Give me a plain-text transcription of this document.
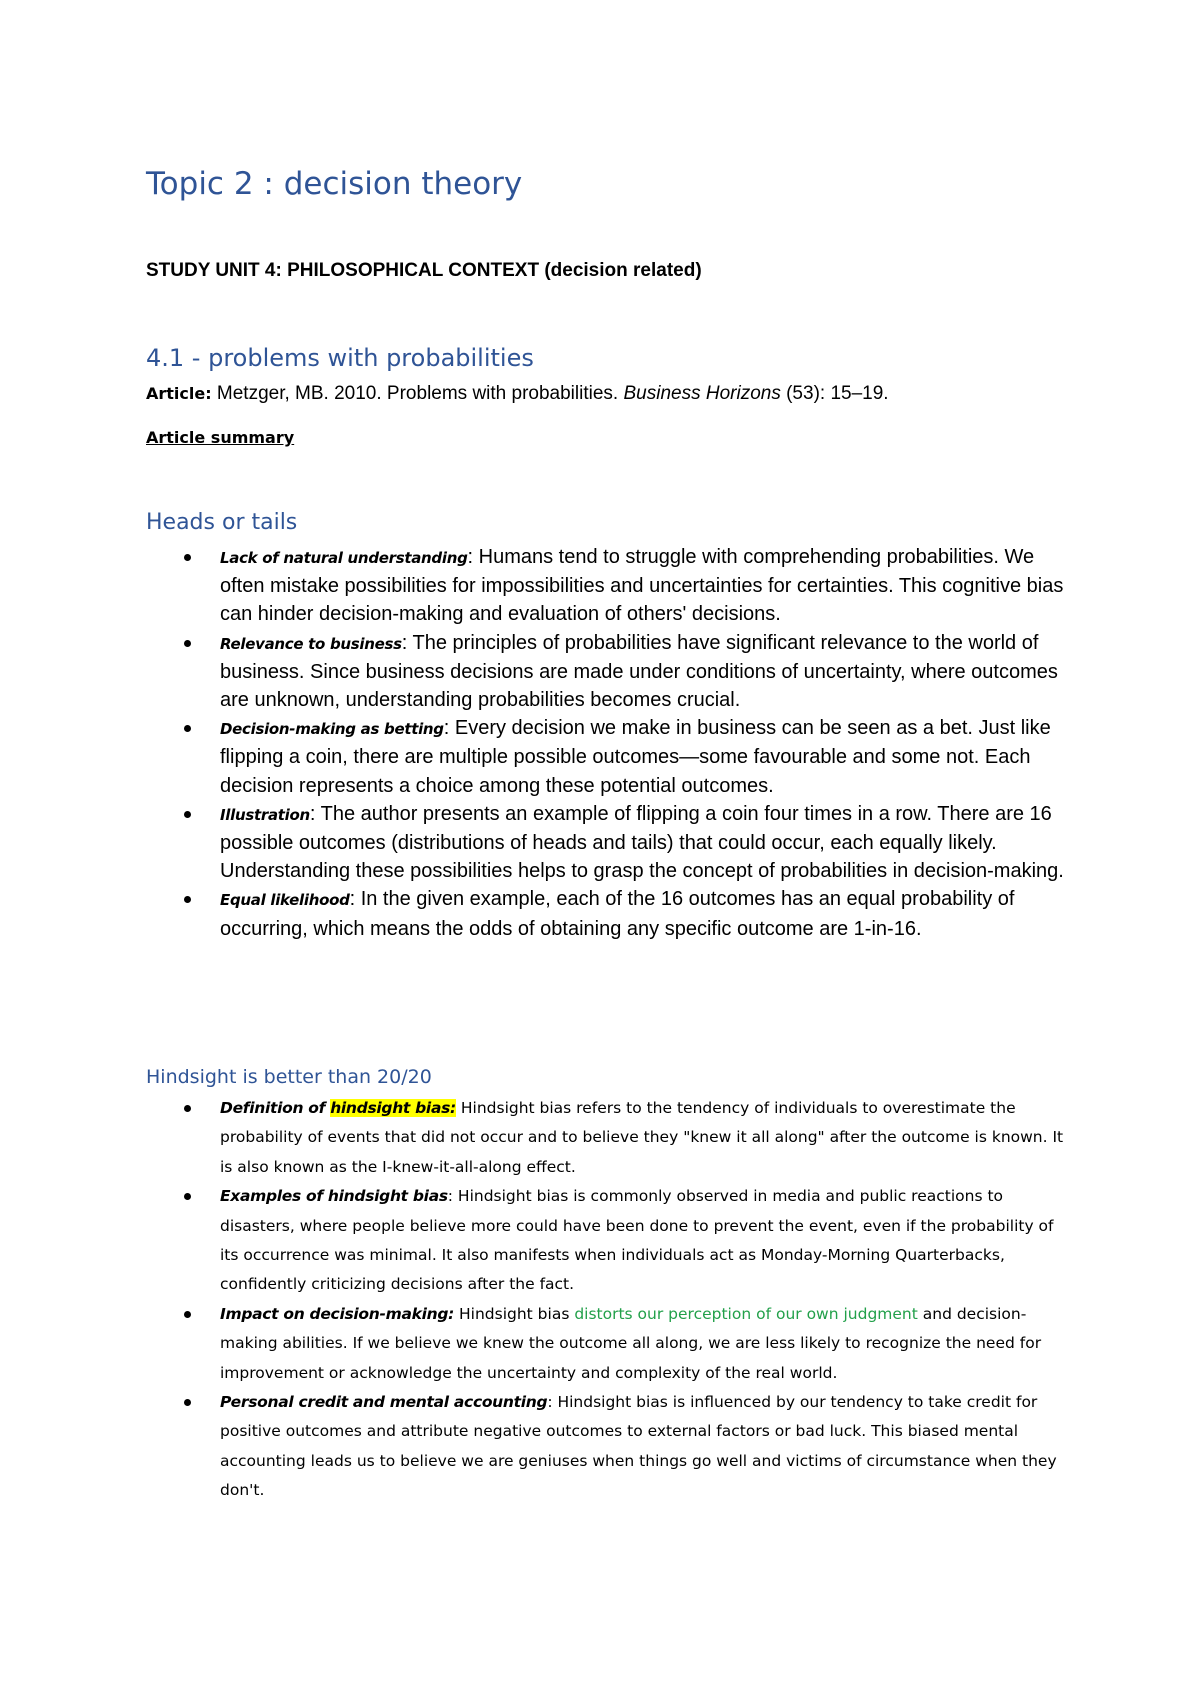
Topic 2 : decision theory
STUDY UNIT 4: PHILOSOPHICAL CONTEXT (decision related)
4.1 - problems with probabilities
Article: Metzger, MB. 2010. Problems with probabilities. Business Horizons (53): 15–19.
Article summary
Heads or tails
Lack of natural understanding: Humans tend to struggle with comprehending probabilities. We often mistake possibilities for impossibilities and uncertainties for certainties. This cognitive bias can hinder decision-making and evaluation of others' decisions.
Relevance to business: The principles of probabilities have significant relevance to the world of business. Since business decisions are made under conditions of uncertainty, where outcomes are unknown, understanding probabilities becomes crucial.
Decision-making as betting: Every decision we make in business can be seen as a bet. Just like flipping a coin, there are multiple possible outcomes—some favourable and some not. Each decision represents a choice among these potential outcomes.
Illustration: The author presents an example of flipping a coin four times in a row. There are 16 possible outcomes (distributions of heads and tails) that could occur, each equally likely. Understanding these possibilities helps to grasp the concept of probabilities in decision-making.
Equal likelihood: In the given example, each of the 16 outcomes has an equal probability of occurring, which means the odds of obtaining any specific outcome are 1-in-16.
Hindsight is better than 20/20
Definition of hindsight bias: Hindsight bias refers to the tendency of individuals to overestimate the probability of events that did not occur and to believe they "knew it all along" after the outcome is known. It is also known as the I-knew-it-all-along effect.
Examples of hindsight bias: Hindsight bias is commonly observed in media and public reactions to disasters, where people believe more could have been done to prevent the event, even if the probability of its occurrence was minimal. It also manifests when individuals act as Monday-Morning Quarterbacks, confidently criticizing decisions after the fact.
Impact on decision-making: Hindsight bias distorts our perception of our own judgment and decision-making abilities. If we believe we knew the outcome all along, we are less likely to recognize the need for improvement or acknowledge the uncertainty and complexity of the real world.
Personal credit and mental accounting: Hindsight bias is influenced by our tendency to take credit for positive outcomes and attribute negative outcomes to external factors or bad luck. This biased mental accounting leads us to believe we are geniuses when things go well and victims of circumstance when they don't.
